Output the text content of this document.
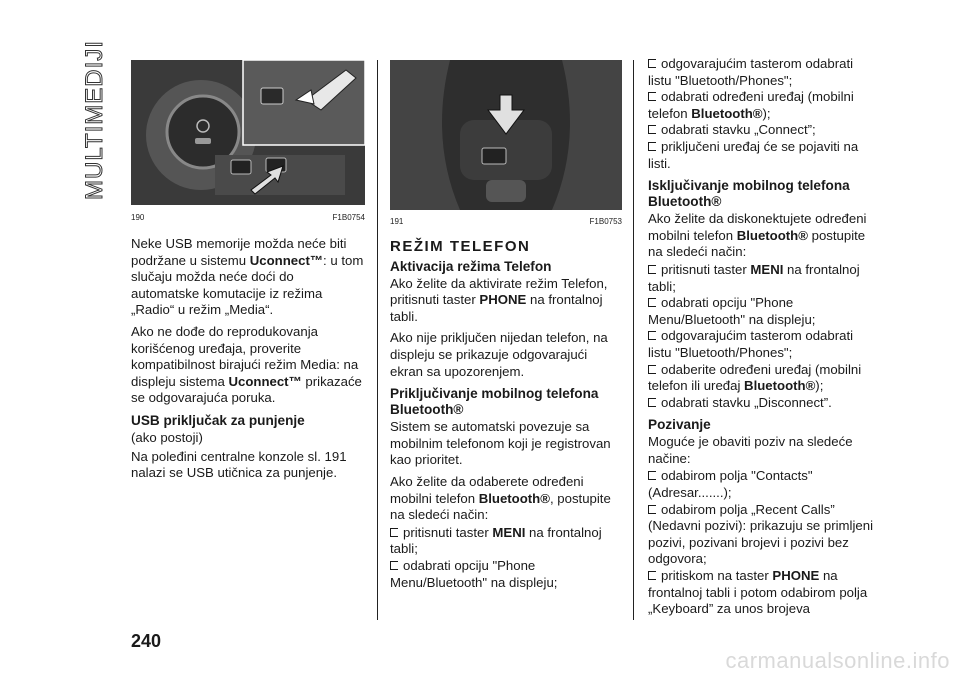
MULTIMEDIJI
190	F1B0754	191	F1B0753

Neke USB memorije možda neće biti podržane u sistemu Uconnect™: u tom slučaju možda neće doći do automatske komutacije iz režima „Radio“ u režim „Media“.

Ako ne dođe do reprodukovanja korišćenog uređaja, proverite kompatibilnost birajući režim Media: na displeju sistema Uconnect™ prikazaće se odgovarajuća poruka.

USB priključak za punjenje

(ako postoji)

Na poleđini centralne konzole sl. 191 nalazi se USB utičnica za punjenje.

REŽIM TELEFON
Aktivacija režima Telefon

Ako želite da aktivirate režim Telefon, pritisnuti taster PHONE na frontalnoj tabli.

Ako nije priključen nijedan telefon, na displeju se prikazuje odgovarajući ekran sa upozorenjem.

Priključivanje mobilnog telefona Bluetooth®

Sistem se automatski povezuje sa mobilnim telefonom koji je registrovan kao prioritet.

Ako želite da odaberete određeni mobilni telefon Bluetooth®, postupite na sledeći način:

pritisnuti taster MENI na frontalnoj tabli;
odabrati opciju "Phone Menu/Bluetooth" na displeju;
odgovarajućim tasterom odabrati listu "Bluetooth/Phones";
odabrati određeni uređaj (mobilni telefon Bluetooth®);
odabrati stavku „Connect”;
priključeni uređaj će se pojaviti na listi.
Isključivanje mobilnog telefona Bluetooth®

Ako želite da diskonektujete određeni mobilni telefon Bluetooth® postupite na sledeći način:

pritisnuti taster MENI na frontalnoj tabli;
odabrati opciju "Phone Menu/Bluetooth" na displeju;
odgovarajućim tasterom odabrati listu "Bluetooth/Phones";
odaberite određeni uređaj (mobilni telefon ili uređaj Bluetooth®);
odabrati stavku „Disconnect”.
Pozivanje

Moguće je obaviti poziv na sledeće načine:

odabirom polja "Contacts" (Adresar.......);
odabirom polja „Recent Calls” (Nedavni pozivi): prikazuju se primljeni pozivi, pozivani brojevi i pozivi bez odgovora;
pritiskom na taster PHONE na frontalnoj tabli i potom odabirom polja „Keyboard” za unos brojeva
240
carmanualsonline.info
